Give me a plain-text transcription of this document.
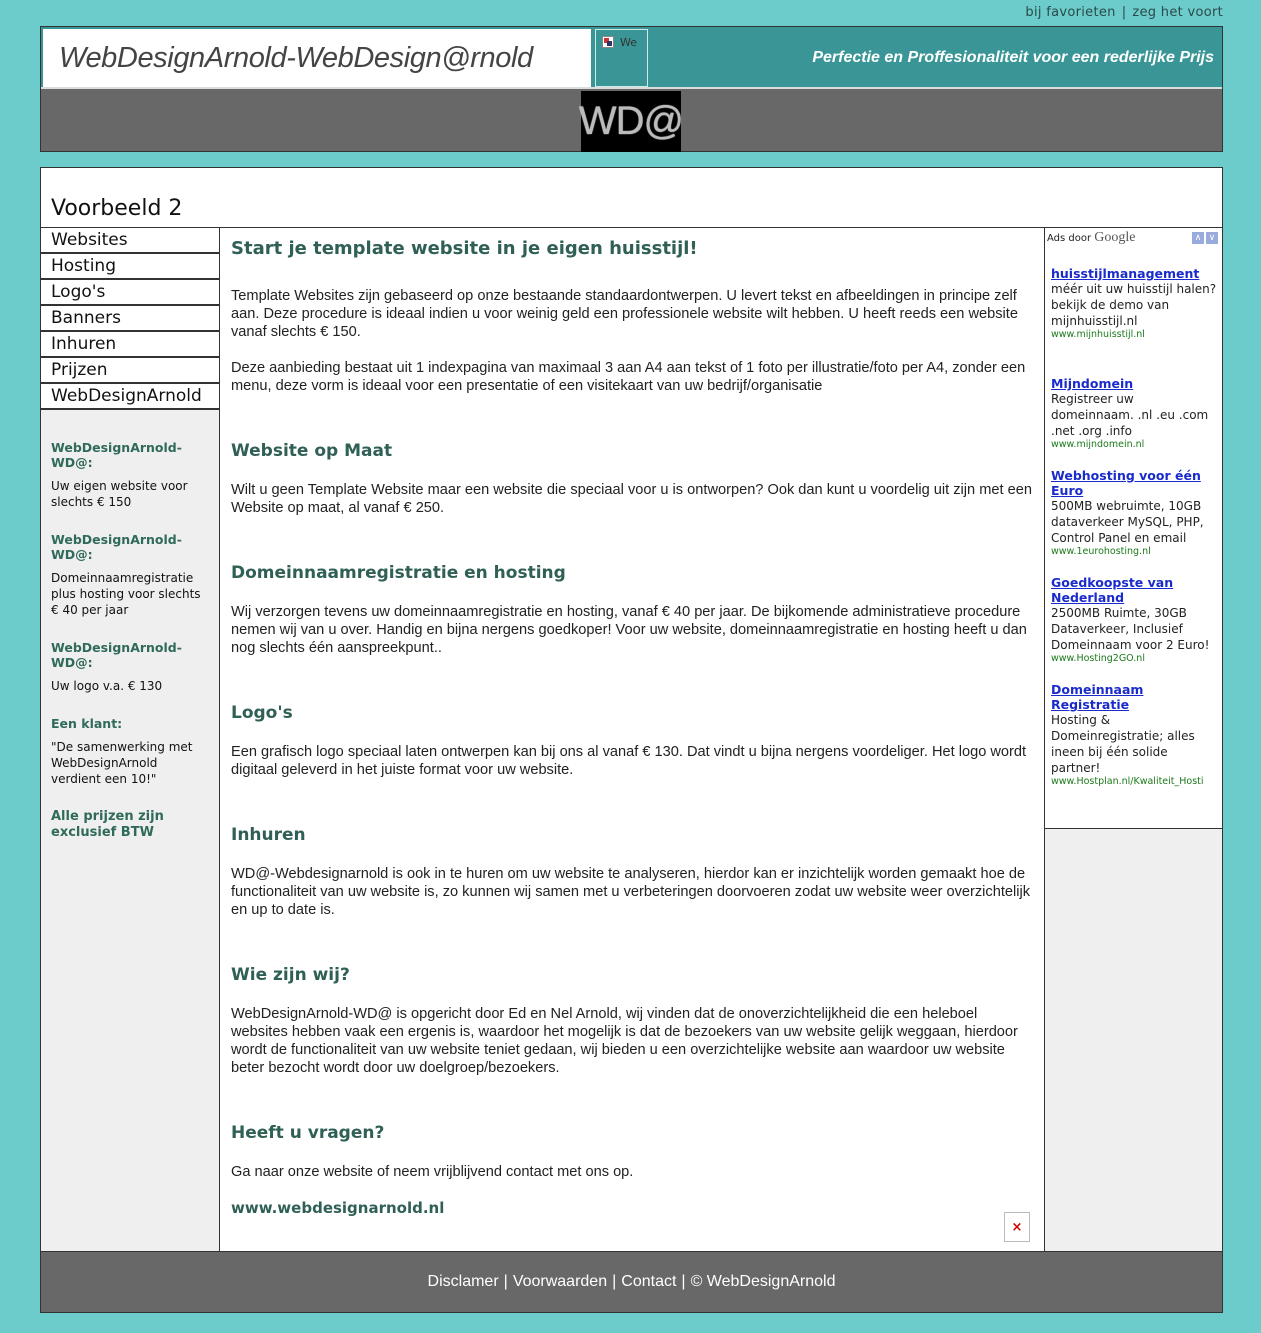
bij favorieten | zeg het voort
WebDesignArnold-WebDesign@rnold	We
Perfectie en Proffesionaliteit voor een rederlijke Prijs
WD@
Voorbeeld 2
Websites
Hosting
Logo's
Banners
Inhuren
Prijzen
WebDesignArnold
WebDesignArnold-WD@:
Uw eigen website voor slechts € 150
WebDesignArnold-WD@:
Domeinnaamregistratie plus hosting voor slechts € 40 per jaar
WebDesignArnold-WD@:
Uw logo v.a. € 130
Een klant:
"De samenwerking met WebDesignArnold verdient een 10!"
Alle prijzen zijn exclusief BTW
Start je template website in je eigen huisstijl!

Template Websites zijn gebaseerd op onze bestaande standaardontwerpen. U levert tekst en afbeeldingen in principe zelf aan. Deze procedure is ideaal indien u voor weinig geld een professionele website wilt hebben. U heeft reeds een website vanaf slechts € 150.

Deze aanbieding bestaat uit 1 indexpagina van maximaal 3 aan A4 aan tekst of 1 foto per illustratie/foto per A4, zonder een menu, deze vorm is ideaal voor een presentatie of een visitekaart van uw bedrijf/organisatie

Website op Maat

Wilt u geen Template Website maar een website die speciaal voor u is ontworpen? Ook dan kunt u voordelig uit zijn met een Website op maat, al vanaf € 250.

Domeinnaamregistratie en hosting

Wij verzorgen tevens uw domeinnaamregistratie en hosting, vanaf € 40 per jaar. De bijkomende administratieve procedure nemen wij van u over. Handig en bijna nergens goedkoper! Voor uw website, domeinnaamregistratie en hosting heeft u dan nog slechts één aanspreekpunt..

Logo's

Een grafisch logo speciaal laten ontwerpen kan bij ons al vanaf € 130. Dat vindt u bijna nergens voordeliger. Het logo wordt digitaal geleverd in het juiste format voor uw website.

Inhuren

WD@-Webdesignarnold is ook in te huren om uw website te analyseren, hierdor kan er inzichtelijk worden gemaakt hoe de functionaliteit van uw website is, zo kunnen wij samen met u verbeteringen doorvoeren zodat uw website weer overzichtelijk en up to date is.

Wie zijn wij?

WebDesignArnold-WD@ is opgericht door Ed en Nel Arnold, wij vinden dat de onoverzichtelijkheid die een heleboel websites hebben vaak een ergenis is, waardoor het mogelijk is dat de bezoekers van uw website gelijk weggaan, hierdoor wordt de functionaliteit van uw website teniet gedaan, wij bieden u een overzichtelijke website aan waardoor uw website beter bezocht wordt door uw doelgroep/bezoekers.

Heeft u vragen?

Ga naar onze website of neem vrijblijvend contact met ons op.

www.webdesignarnold.nl
×
Ads door Google	∧ ∨
huisstijlmanagement
méér uit uw huisstijl halen? bekijk de demo van mijnhuisstijl.nl
www.mijnhuisstijl.nl
Mijndomein
Registreer uw domeinnaam. .nl .eu .com .net .org .info
www.mijndomein.nl
Webhosting voor één Euro
500MB webruimte, 10GB dataverkeer MySQL, PHP, Control Panel en email
www.1eurohosting.nl
Goedkoopste van Nederland
2500MB Ruimte, 30GB Dataverkeer, Inclusief Domeinnaam voor 2 Euro!
www.Hosting2GO.nl
Domeinnaam Registratie
Hosting & Domeinregistratie; alles ineen bij één solide partner!
www.Hostplan.nl/Kwaliteit_Hosti
Disclamer | Voorwaarden | Contact | © WebDesignArnold
